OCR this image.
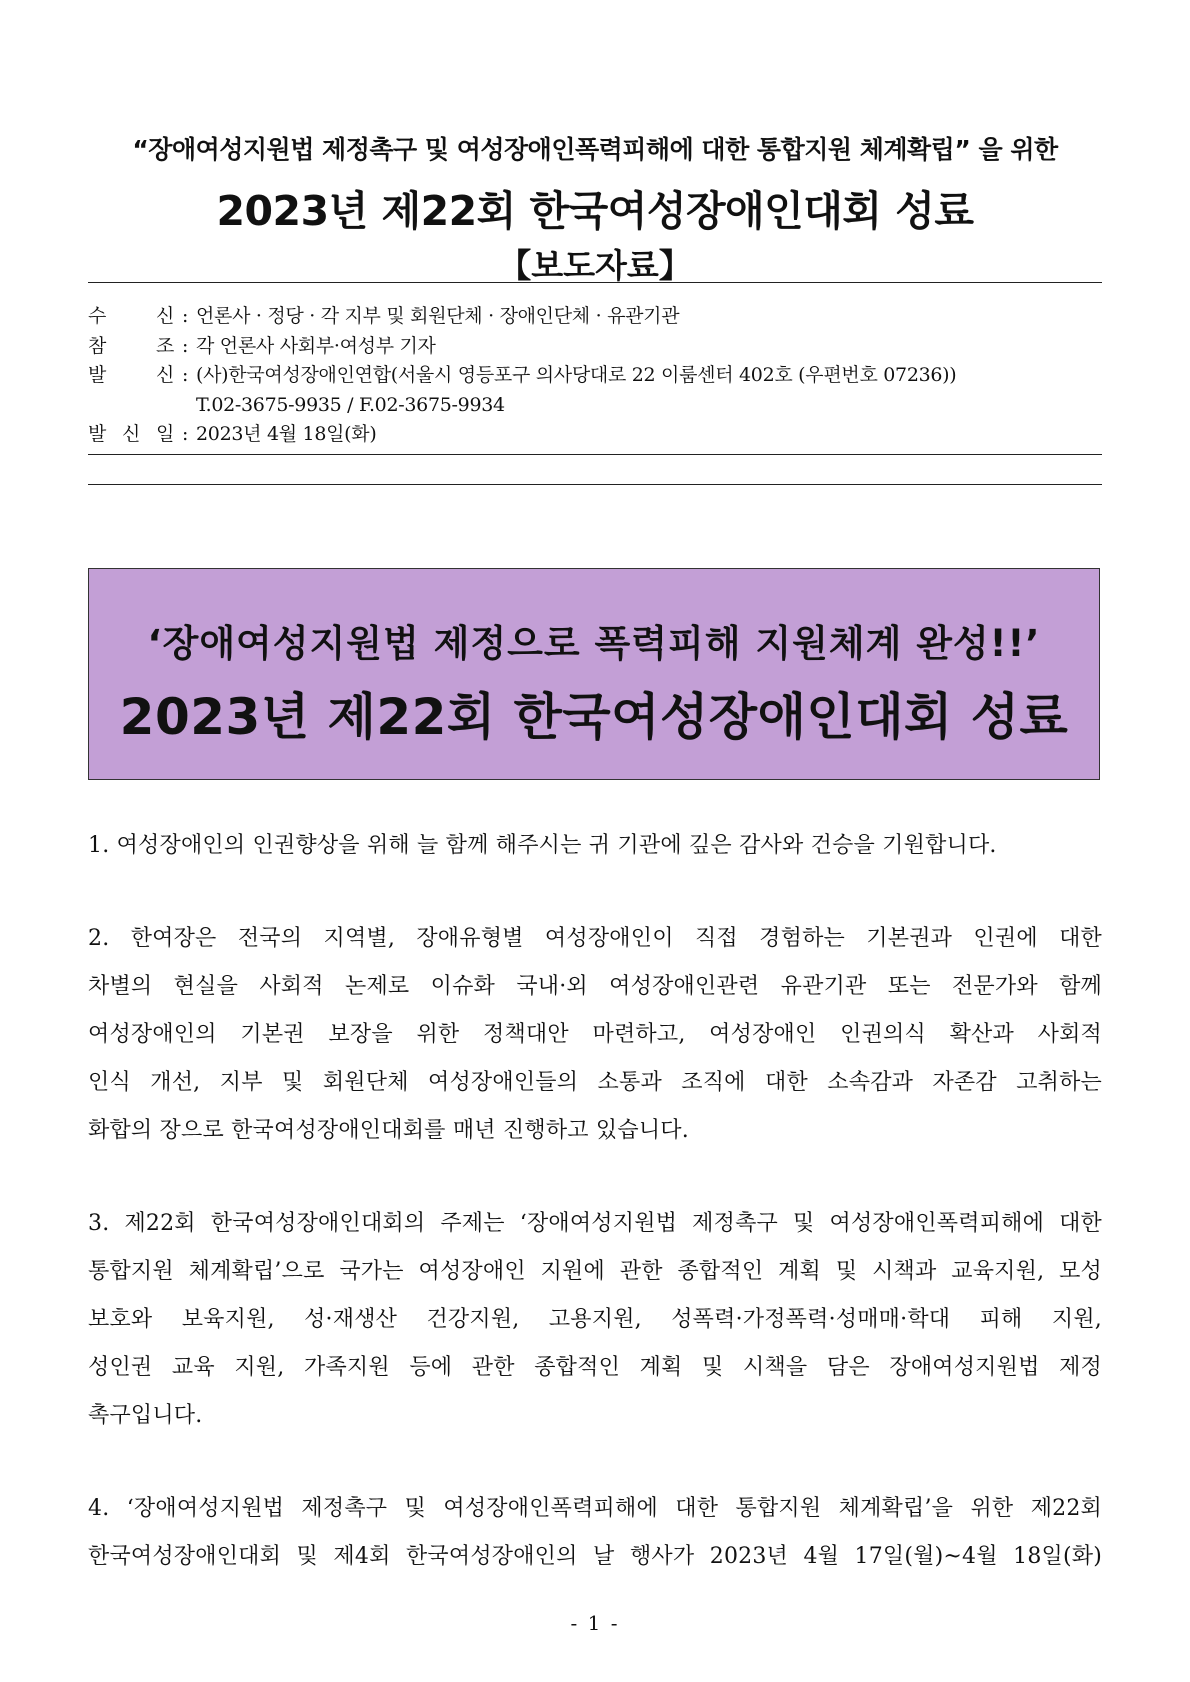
“장애여성지원법 제정촉구 및 여성장애인폭력피해에 대한 통합지원 체계확립” 을 위한
2023년 제22회 한국여성장애인대회 성료
【보도자료】
수	신 : 언론사 · 정당 · 각 지부 및 회원단체 · 장애인단체 · 유관기관
참	조 : 각 언론사 사회부·여성부 기자
발	신 : (사)한국여성장애인연합(서울시 영등포구 의사당대로 22 이룸센터 402호 (우편번호 07236))
T.02-3675-9935 / F.02-3675-9934
발 신 일 : 2023년 4월 18일(화)
‘장애여성지원법 제정으로 폭력피해 지원체계 완성!!’
2023년 제22회 한국여성장애인대회 성료
1. 여성장애인의 인권향상을 위해 늘 함께 해주시는 귀 기관에 깊은 감사와 건승을 기원합니다.
2. 한여장은 전국의 지역별, 장애유형별 여성장애인이 직접 경험하는 기본권과 인권에 대한
차별의 현실을 사회적 논제로 이슈화 국내·외 여성장애인관련 유관기관 또는 전문가와 함께
여성장애인의 기본권 보장을 위한 정책대안 마련하고, 여성장애인 인권의식 확산과 사회적
인식 개선, 지부 및 회원단체 여성장애인들의 소통과 조직에 대한 소속감과 자존감 고취하는
화합의 장으로 한국여성장애인대회를 매년 진행하고 있습니다.
3. 제22회 한국여성장애인대회의 주제는 ‘장애여성지원법 제정촉구 및 여성장애인폭력피해에 대한
통합지원 체계확립’으로 국가는 여성장애인 지원에 관한 종합적인 계획 및 시책과 교육지원, 모성
보호와 보육지원, 성·재생산 건강지원, 고용지원, 성폭력·가정폭력·성매매·학대 피해 지원,
성인권 교육 지원, 가족지원 등에 관한 종합적인 계획 및 시책을 담은 장애여성지원법 제정
촉구입니다.
4. ‘장애여성지원법 제정촉구 및 여성장애인폭력피해에 대한 통합지원 체계확립’을 위한 제22회
한국여성장애인대회 및 제4회 한국여성장애인의 날 행사가 2023년 4월 17일(월)~4월 18일(화)
- 1 -
